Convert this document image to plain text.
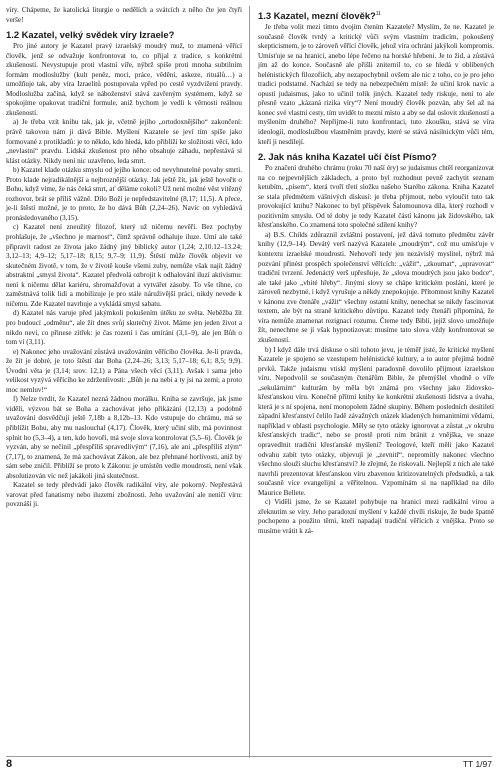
víry. Chápeme, že katolická liturgie o nedělích a svátcích z něho čte jen čtyři verše!

1.2 Kazatel, velký svědek víry Izraele?

Pro jiné autory je Kazatel pravý izraelský moudrý muž, to znamená věřící člověk, jenž se odvažuje konfrontovat to, co přijal z tradice, s konkrétní zkušeností. Nevystupuje proti vlastní víře, nýbrž spíše proti mnoha subtilním formám modloslužby (kult peněz, moci, práce, vědění, askeze, rituálů…) a umožňuje tak, aby víra Izraelitů postupovala vpřed po cestě vyzdvižení pravdy. Modloslužba začíná, když se náboženství stává zavřeným systémem, když se spokojíme opakovat tradiční formule, aniž bychom je vedli k věrnosti reálnou zkušeností.

a) Je třeba vzít knihu tak, jak je, včetně jejího „ortodoxnějšího“ zakončení: právě takovou nám ji dává Bible. Myšlení Kazatele se jeví tím spíše jako formované z protikladů: je to někdo, kdo hledá, kdo přiblíží ke složitosti věcí, kdo „nevlastní“ pravdu. Lidská zkušenost pro něho obsahuje záhadu, nepřestává si klást otázky. Nikdy není nic uzavřeno, leda smrt.

b) Kazatel klade otázku smyslu od jejího konce: od nevyhnutelné povahy smrti. Proto klade nejradikálnější a nejbroznější otázky. Jak ještě žít, jak ještě hovořit o Bohu, když víme, že nás čeká smrt, ať děláme cokoli? Už není možné věst vítězný rozhovor, brát se příliš vážně. Dílo Boží je nepředstavitelné (8,17; 11,5). A přece, je-li štěstí možné, je to proto, že ho dává Bůh (2,24–26). Navíc on vyhledává pronásledovaného (3,15).

c) Kazatel není zneužitý filozof, který už ničemu nevěří. Bez pochyby prohlašuje, že „všechno je marnost“, čímž správně odhaluje iluze. Umí ale také připravit radost ze života jako žádný jiný biblický autor (1,24; 2,10.12–13.24; 3,12–13; 4,9–12; 5,17–18; 8,15; 9,7–9; 11,9). Štěstí může člověk objevit ve skutečném životě, v tom, že v životě kouše všemi zuby, nemůže však najít žádný abstraktní „smysl života“. Kazatel předvolá ozbrojit k odhalování iluzí aktivismu: není k ničemu dělat kariéru, shromažďovat a vytvářet zásoby. To vše tíhne, co zaměstnává tolik lidí a mobilizuje je pro stále náruživější práci, nikdy nevede k ničemu. Zde Kazatel navrhuje a vykládá smysl sabatu.

d) Kazatel nás varuje před jakýmkoli pokušením útěku ze světa. Neběžba žít pro budoucí „odměnu“, ale žít dnes svůj skutečný život. Máme jen jeden život a nikdo neví, co přinese zítřek: je čas rození i čas umírání (3,1–9), ale jen Bůh o tom ví (3,11).

e) Nakonec jeho uvažování zůstává uvažováním věřícího člověka. Je-li pravda, že žít je dobré, je toto štěstí dar Boha (2,24–26; 3,13; 5,17–18; 6,1; 8,5; 9,9). Úvodní věta je (3,14; srov. 12,1) a Pána všech věcí (3,11). Avšak i sama jeho velikost vyzývá věřícího ke zdrženlivosti: „Bůh je na nebi a ty jsi na zemi; a proto moc nemluv!“

f) Nelze tvrdit, že Kazatel nezná žádnou morálku. Kniha se završuje, jak jsme viděli, výzvou bát se Boha a zachovávat jeho přikázání (12,13) a podobně uvažování dosvědčují ještě 7,18b a 8,12b–13. Kdo vstupuje do chrámu, má se přiblížit Bohu, aby mu naslouchal (4,17). Člověk, který učiní slib, má povinnost splnit ho (5,3–4), a ten, kdo hovoří, má svoje slova kontrolovat (5,5–6). Člověk je vyzván, aby se nečinil „přespříliš spravedlivým“ (7,16), ale ani „přespříliš zlým“ (7,17), to znamená, že má zachovávat Zákon, ale bez přehnané horlivosti, aniž by sám sebe zničil. Přiblíží se proto k Zákonu: je umístěn vedle moudrosti, není však absolutizován víc než jakákoli jiná skutečnost.

Kazatel se tedy předvádí jako člověk radikální víry, ale pokorný. Nepřestává varovat před fanatismy nebo iluzemi zbožnosti. Jeho uvažování ale neničí víru: povznáší ji.

1.3 Kazatel, mezní člověk?$^{11}$

Je třeba volit mezi tímto dvojím čtením Kazatele? Myslím, že ne. Kazatel je současně člověk tvrdý a kritický vůči svým vlastním tradicím, pokoušený skepticismem, je to zároveň věřící člověk, jehož víra ochrání jakýkoli kompromis. Umísťuje se na hranici, anebo lépe řečeno na horské hřebeni. Je to žid, a zůstává jím až do konce. Současně ale přišli zniternil to, co se hledá v oblíbených helénistických filozofiích, aby nezapochybnil ovšem ale nic z toho, co je pro jeho tradici podstatné. Nachází se tedy na nebezpečném místě: že učiní krok navíc a opustí judaismus, jako to učinil tolik jiných. Kazatel tedy riskuje, není to ale přesně vzato „kázaná rizika víry“? Není moudrý člověk pozván, aby šel až na konec své vlastní cesty, tím uvidět to mezní místo a aby se dal oslovit zkušeností a myšlením druhého? Nepřijme-li tuto konfrontaci, tuto zkoušku, stává se víra ideologií, modloslužbou vlastněním pravdy, které se stává násilnickým vůči tém, kteří ji nesdílejí.

2. Jak nás kniha Kazatel učí číst Písmo?

Po značení druhého chrámu (roku 70 naší éry) se judaismus chtěl reorganizovat na co nejpevnějších základech, a proto byl rozhodnut pevně zachytit seznam ketubím, „písem“, která tvoří třetí složku našeho Starého zákona. Kniha Kazatel se stala předmětem vášnivých diskusí: je třeba přijmout, nebo vyloučit tuto tak provokující knihu? Nakonec to byl příspěvek Šalomounova díla, který rozhodl v pozitivním smyslu. Od té doby je tedy Kazatel částí kánonu jak židovského, tak křesťanského. Co znamená toto společné sdílení knihy?

a) B.S. Childs zdůraznil zvláštní postavení, jež dává tomuto předmětu závěr knihy (12,9–14). Devátý verš nazývá Kazatele „moudrým“, což mu umísťuje v kontextu izraelské moudrosti. Nehovoří tedy jen nezávislý myslitel, nýbrž má pozvání přinést prospěch společenství věřících: „vážit“, „zkoumat“, „upravovat“ tradiční tvrzení. Jedenáctý verš upřesňuje, že „slova moudrých jsou jako bodce“, ale také jako „vbité hřeby“. Jinými slovy se chápe kritickém poslání, které je zároveň nezbytné, i když vyrušuje a někdy znepokojuje. Přítomnost knihy Kazatel v kánonu zve čtenáře „vážit“ všechny ostatní knihy, nenechat se nikdy fascinovat textem, ale být na straně kritického důvtipu. Kazatel tedy čtenáři připomíná, že víra nemůže znamenat rezignaci rozumu. Čteme tedy Bibli, jejíž slovo umožňuje žít, nenechme se jí však hypnotizovat: musíme tato slova vždy konfrontovat se zkušeností.

b) I když dále trvá diskuse o síti tohoto jevu, je téměř jisté, že kritické myšlení Kazatele je spojeno se vzestupem helénistické kultury, a to autor přejímá hodně prvků. Takže judaismu vtiskl myšlení paradoxně dovolilo přijmout izraelskou víru. Nepodvolil se současným čtenářům Bible, že přemýšlel vhodně o víře „sekulárním“ kulturám by měla být známá pro všechny jako židovsko-křesťanskou víru. Konečně přítmí knihy ke konkrétní zkušenosti lidstva a úvaha, která je s ní spojena, není monopolem žádné skupiny. Během posledních desítiletí západní křesťanství čelilo řadě závažných otázek kladených humanitními vědami, například v oblasti psychologie. Měly se tyto otázky ignorovat a zůstat „v okruhu křesťanských tradic“, nebo se prostě proti nim bránit z vnějška, ve snaze opravedlnit tradiční křesťanské myšlení? Teologové, kteří měli jako Kazatel odvahu zabít tyto otázky, objevují je „zevnitř“, nepromítly nakonec všechno všechno slouží sluchu křesťanství? Je zřejmé, že riskovali. Nejlepší z nich ale také navrhli prezentovat křesťanskou víru zbavenou kritizovatelných předsudků, a tak současně více evangelijní a věřitelnou. Vzpomínám si na například na dílo Maurice Bellete.

c) Viděli jsme, že se Kazatel pohybuje na hranici mezi radikální vírou a zřeknutím se víry. Jeho paradoxní myšlení v každé chvíli riskuje, že bude špatně pochopeno a použito těmi, kteří napadají tradiční věřících z vnějška. Proto se musíme vrátit k zá-

8	TT 1/97
